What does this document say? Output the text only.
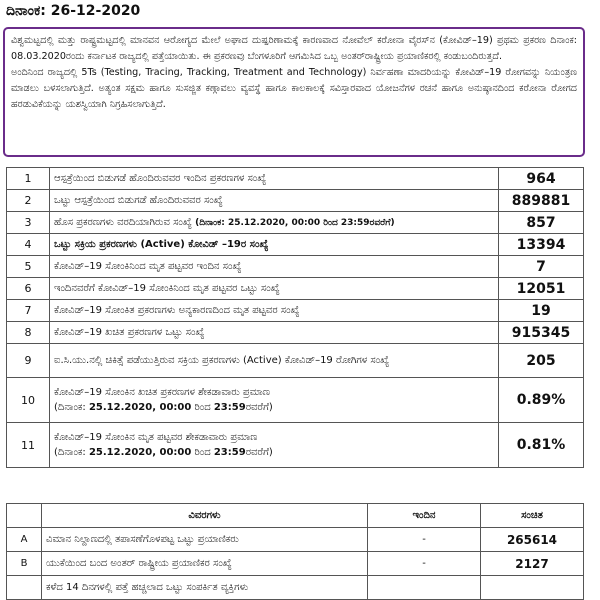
ದಿನಾಂಕ: 26-12-2020

ವಿಶ್ವಮಟ್ಟದಲ್ಲಿ ಮತ್ತು ರಾಷ್ಟ್ರಮಟ್ಟದಲ್ಲಿ ಮಾನವನ ಆರೋಗ್ಯದ ಮೇಲೆ ಅಘಾದ ದುಷ್ಪರಿಣಾಮಕ್ಕೆ ಕಾರಣವಾದ ನೋವೆಲ್ ಕರೋನಾ ವೈರಸ್‌ನ (ಕೋವಿಡ್–19) ಪ್ರಥಮ ಪ್ರಕರಣ ದಿನಾಂಕ: 08.03.2020ರಂದು ಕರ್ನಾಟಕ ರಾಜ್ಯದಲ್ಲಿ ಪತ್ತೆಯಾಯಿತು. ಈ ಪ್ರಕರಣವು ಬೆಂಗಳೂರಿಗೆ ಆಗಮಿಸಿದ ಒಬ್ಬ ಅಂತರ್‌ರಾಷ್ಟ್ರೀಯ ಪ್ರಯಾಣಿಕರಲ್ಲಿ ಕಂಡುಬಂದಿರುತ್ತದೆ.

ಅಂದಿನಿಂದ ರಾಜ್ಯದಲ್ಲಿ 5Ts (Testing, Tracing, Tracking, Treatment and Technology) ನಿರ್ವಹಣಾ ಮಾದರಿಯನ್ನು ಕೋವಿಡ್–19 ರೋಗವನ್ನು ನಿಯಂತ್ರಣ ಮಾಡಲು ಬಳಸಲಾಗುತ್ತಿದೆ. ಅತ್ಯಂತ ಸಕ್ಷಮ ಹಾಗೂ ಸುಸಜ್ಜಿತ ಕಣ್ಗಾವಲು ವ್ಯವಸ್ಥೆ ಹಾಗೂ ಕಾಲಕಾಲಕ್ಕೆ ಸವಿಸ್ತಾರವಾದ ಯೋಜನೆಗಳ ರಚನೆ ಹಾಗೂ ಅನುಷ್ಠಾನದಿಂದ ಕರೋನಾ ರೋಗದ ಹರಡುವಿಕೆಯನ್ನು ಯಶಸ್ವಿಯಾಗಿ ನಿಗ್ರಹಿಸಲಾಗುತ್ತಿದೆ.

1	ಆಸ್ಪತ್ರೆಯಿಂದ ಬಿಡುಗಡೆ ಹೊಂದಿರುವವರ ಇಂದಿನ ಪ್ರಕರಣಗಳ ಸಂಖ್ಯೆ	964
2	ಒಟ್ಟು ಆಸ್ಪತ್ರೆಯಿಂದ ಬಿಡುಗಡೆ ಹೊಂದಿರುವವರ ಸಂಖ್ಯೆ	889881
3	ಹೊಸ ಪ್ರಕರಣಗಳು ವರದಿಯಾಗಿರುವ ಸಂಖ್ಯೆ (ದಿನಾಂಕ: 25.12.2020, 00:00 ರಿಂದ 23:59ರವರೆಗೆ)	857
4	ಒಟ್ಟು ಸಕ್ರಿಯ ಪ್ರಕರಣಗಳು (Active) ಕೋವಿಡ್ –19ರ ಸಂಖ್ಯೆ	13394
5	ಕೋವಿಡ್–19 ಸೋಂಕಿನಿಂದ ಮೃತ ಪಟ್ಟವರ ಇಂದಿನ ಸಂಖ್ಯೆ	7
6	ಇಂದಿನವರೆಗೆ ಕೋವಿಡ್–19 ಸೋಂಕಿನಿಂದ ಮೃತ ಪಟ್ಟವರ ಒಟ್ಟು ಸಂಖ್ಯೆ	12051
7	ಕೋವಿಡ್–19 ಸೋಂಕಿತ ಪ್ರಕರಣಗಳು ಅನ್ಯಕಾರಣದಿಂದ ಮೃತ ಪಟ್ಟವರ ಸಂಖ್ಯೆ	19
8	ಕೋವಿಡ್–19 ಖಚಿತ ಪ್ರಕರಣಗಳ ಒಟ್ಟು ಸಂಖ್ಯೆ	915345
9	ಐ.ಸಿ.ಯು.ನಲ್ಲಿ ಚಿಕಿತ್ಸೆ ಪಡೆಯುತ್ತಿರುವ ಸಕ್ರಿಯ ಪ್ರಕರಣಗಳು (Active) ಕೋವಿಡ್–19 ರೋಗಿಗಳ ಸಂಖ್ಯೆ	205
10	ಕೋವಿಡ್–19 ಸೋಂಕಿನ ಖಚಿತ ಪ್ರಕರಣಗಳ ಶೇಕಡಾವಾರು ಪ್ರಮಾಣ
(ದಿನಾಂಕ: 25.12.2020, 00:00 ರಿಂದ 23:59ರವರೆಗೆ)	0.89%
11	ಕೋವಿಡ್–19 ಸೋಂಕಿನ ಮೃತ ಪಟ್ಟವರ ಶೇಕಡಾವಾರು ಪ್ರಮಾಣ
(ದಿನಾಂಕ: 25.12.2020, 00:00 ರಿಂದ 23:59ರವರೆಗೆ)	0.81%
	ವಿವರಗಳು	ಇಂದಿನ	ಸಂಚಿತ
A	ವಿಮಾನ ನಿಲ್ದಾಣದಲ್ಲಿ ತಪಾಸಣೆಗೊಳಪಟ್ಟ ಒಟ್ಟು ಪ್ರಯಾಣಿಕರು	-	265614
B	ಯುಕೆಯಿಂದ ಬಂದ ಅಂತರ್ ರಾಷ್ಟ್ರೀಯ ಪ್ರಯಾಣಿಕರ ಸಂಖ್ಯೆ	-	2127
	ಕಳೆದ 14 ದಿನಗಳಲ್ಲಿ ಪತ್ತೆ ಹಚ್ಚಲಾದ ಒಟ್ಟು ಸಂಪರ್ಕಿತ ವ್ಯಕ್ತಿಗಳು		
